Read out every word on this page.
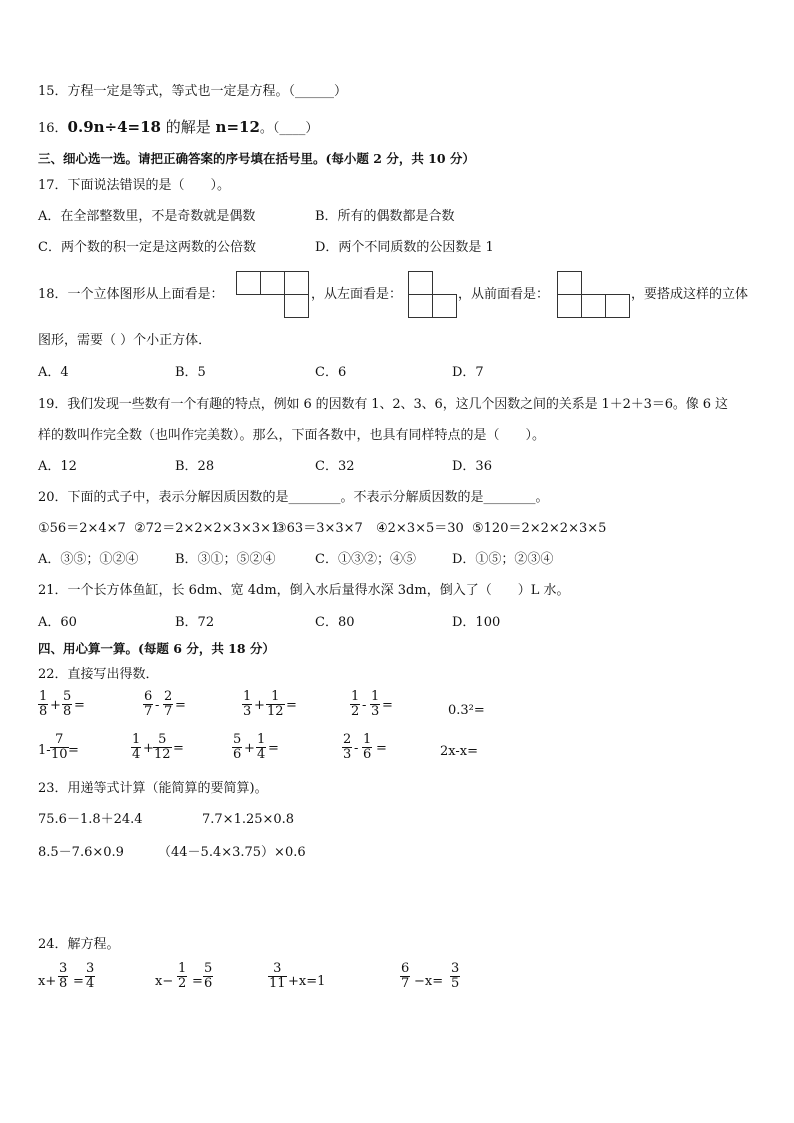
15．方程一定是等式，等式也一定是方程。（______）
16．0.9n÷4=18 的解是 n=12。（____）
三、细心选一选。请把正确答案的序号填在括号里。(每小题 2 分，共 10 分）
17．下面说法错误的是（　　）。
A．在全部整数里，不是奇数就是偶数	B．所有的偶数都是合数
C．两个数的积一定是这两数的公倍数	D．两个不同质数的公因数是 1
18．一个立体图形从上面看是：	，从左面看是：	，从前面看是：	，要搭成这样的立体
图形，需要（ ）个小正方体．
A．4	B．5	C．6	D．7
19．我们发现一些数有一个有趣的特点，例如 6 的因数有 1、2、3、6，这几个因数之间的关系是 1＋2＋3＝6。像 6 这
样的数叫作完全数（也叫作完美数）。那么，下面各数中，也具有同样特点的是（　　）。
A．12	B．28	C．32	D．36
20．下面的式子中，表示分解因质因数的是________。不表示分解质因数的是________。
①56＝2×4×7 ②72＝2×2×2×3×3×1
③63＝3×3×7 ④2×3×5＝30 ⑤120＝2×2×2×3×5
A．③⑤；①②④	B．③①；⑤②④	C．①③②；④⑤	D．①⑤；②③④
21．一个长方体鱼缸，长 6dm、宽 4dm，倒入水后量得水深 3dm，倒入了（　　）L 水。
A．60	B．72	C．80	D．100
四、用心算一算。(每题 6 分，共 18 分）
22．直接写出得数．
$\frac{1}{8} + \frac{5}{8}$ =	$\frac{6}{7} - \frac{2}{7}$ =	$\frac{1}{3} + \frac{1}{12}$ =	$\frac{1}{2} - \frac{1}{3}$ =	0.3²=
$1- \frac{7}{10}$ =	$\frac{1}{4} + \frac{5}{12}$ =	$\frac{5}{6} + \frac{1}{4}$ =	$\frac{2}{3} - \frac{1}{6}$ =	2x-x=
23．用递等式计算（能简算的要简算)。
75.6－1.8＋24.4	7.7×1.25×0.8
8.5－7.6×0.9	（44－5.4×3.75）×0.6
24．解方程。
$x+ \frac{3}{8} = \frac{3}{4}$	$x- \frac{1}{2} = \frac{5}{6}$	$\frac{3}{11} +x=1$	$\frac{6}{7} -x= \frac{3}{5}$
